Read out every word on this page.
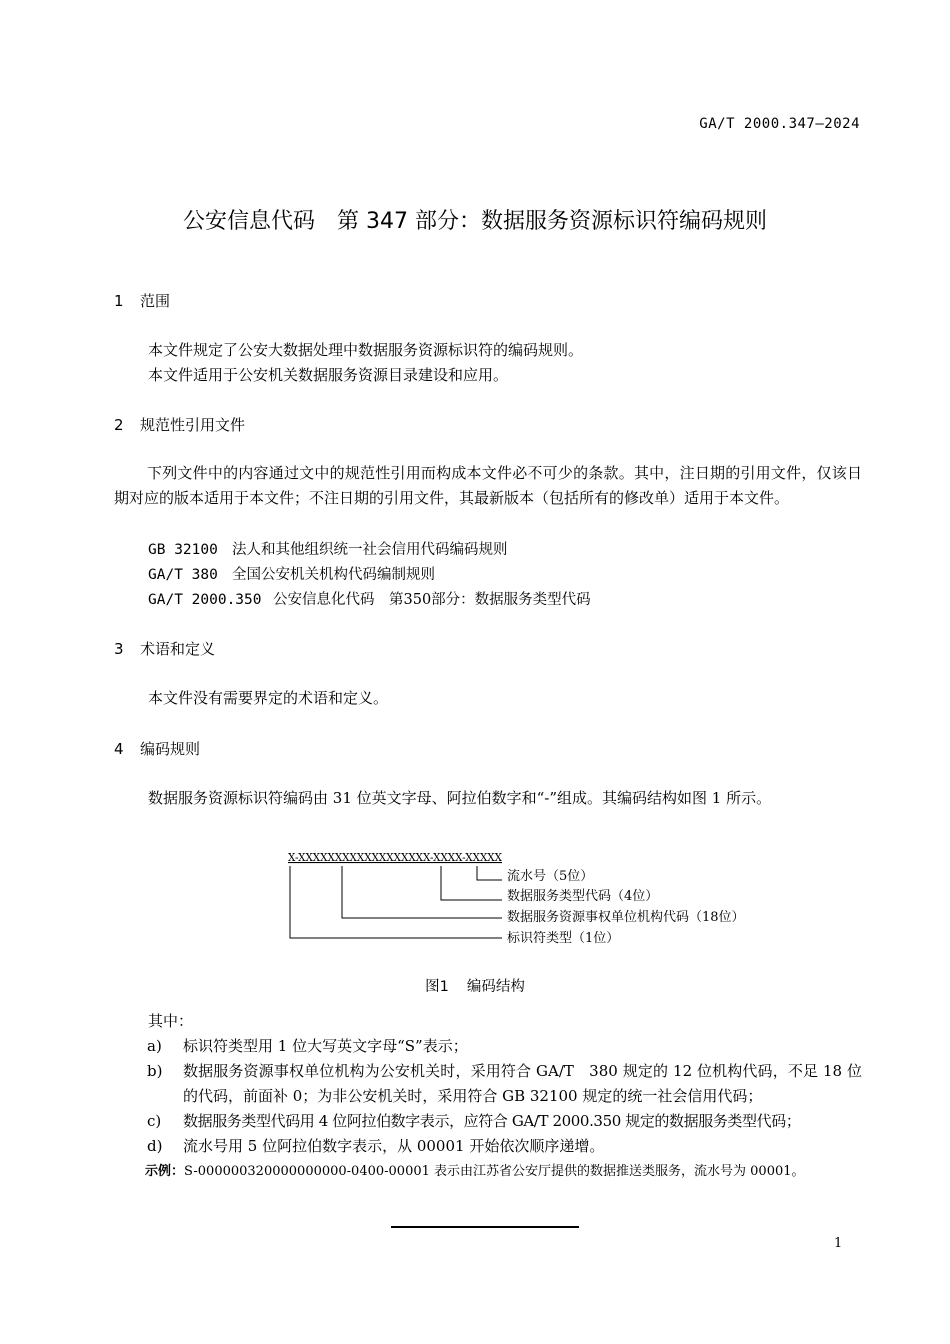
GA/T 2000.347—2024
公安信息代码　第 347 部分：数据服务资源标识符编码规则
1 范围
本文件规定了公安大数据处理中数据服务资源标识符的编码规则。
本文件适用于公安机关数据服务资源目录建设和应用。
2 规范性引用文件
下列文件中的内容通过文中的规范性引用而构成本文件必不可少的条款。其中，注日期的引用文件，仅该日期对应的版本适用于本文件；不注日期的引用文件，其最新版本（包括所有的修改单）适用于本文件。
GB 32100 法人和其他组织统一社会信用代码编码规则
GA/T 380 全国公安机关机构代码编制规则
GA/T 2000.350 公安信息化代码　第350部分：数据服务类型代码
3 术语和定义
本文件没有需要界定的术语和定义。
4 编码规则
数据服务资源标识符编码由 31 位英文字母、阿拉伯数字和“-”组成。其编码结构如图 1 所示。
X-XXXXXXXXXXXXXXXXXX-XXXX-XXXXX
流水号（5位）
数据服务类型代码（4位）
数据服务资源事权单位机构代码（18位）
标识符类型（1位）
图1 编码结构
其中：
a)	标识符类型用 1 位大写英文字母“S”表示；
b)	数据服务资源事权单位机构为公安机关时，采用符合 GA/T　380 规定的 12 位机构代码，不足 18 位的代码，前面补 0；为非公安机关时，采用符合 GB 32100 规定的统一社会信用代码；
c)	数据服务类型代码用 4 位阿拉伯数字表示，应符合 GA/T 2000.350 规定的数据服务类型代码；
d)	流水号用 5 位阿拉伯数字表示，从 00001 开始依次顺序递增。
示例：S-000000320000000000-0400-00001 表示由江苏省公安厅提供的数据推送类服务，流水号为 00001。
1
